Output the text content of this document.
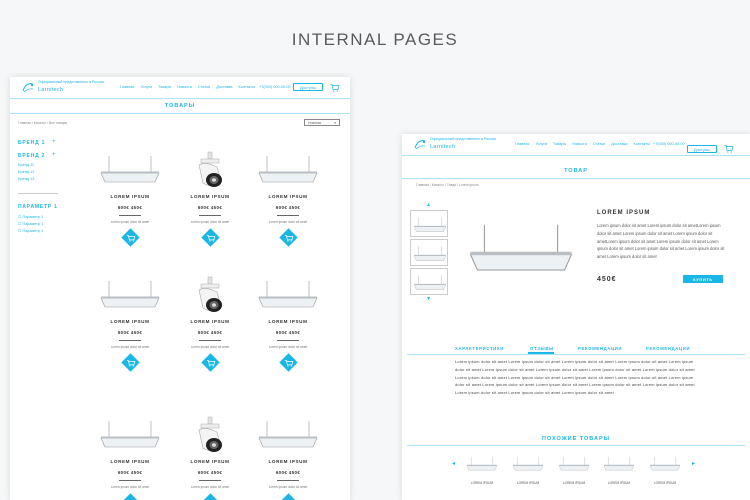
INTERNAL PAGES
Официальный представитель в России
Larnitech	Главная Услуги Товары Новости Статьи Доставка Контакты +7(000) 000-00-00	Доступы
ТОВАРЫ
Главная / Каталог / Все товары	Новинки	▾
БРЕНД 1 +
БРЕНД 2 +
Бренд 11
Бренд 12
Бренд 13
ПАРАМЕТР 1
☐ Параметр 1
☐ Параметр 1
☐ Параметр 1
LOREM IPSUM
600€ 450€
Lorem ipsum dolor sit amet
LOREM IPSUM
600€ 450€
Lorem ipsum dolor sit amet
LOREM IPSUM
600€ 450€
Lorem ipsum dolor sit amet
LOREM IPSUM
600€ 450€
Lorem ipsum dolor sit amet
LOREM IPSUM
600€ 450€
Lorem ipsum dolor sit amet
LOREM IPSUM
600€ 450€
Lorem ipsum dolor sit amet
LOREM IPSUM
600€ 450€
Lorem ipsum dolor sit amet
LOREM IPSUM
600€ 450€
Lorem ipsum dolor sit amet
LOREM IPSUM
600€ 450€
Lorem ipsum dolor sit amet
Официальный представитель в России
Larnitech	Главная Услуги Товары Новости Статьи Доставка Контакты +7(000) 000-00-00
Доступы
ТОВАР
Главная / Каталог / Товар / Lorem ipsum
▴
▾
LOREM IPSUM
Lorem ipsum dolor sit amet Lorem ipsum dolor sit ametLorem ipsum dolor sit amet Lorem ipsum dolor sit amet Lorem ipsum dolor sit ametLorem ipsum dolor sit amet Lorem ipsum dolor sit amet Lorem ipsum dolor sit amet Lorem ipsum dolor sit amet Lorem ipsum dolor sit amet Lorem ipsum dolor sit amet
450€	КУПИТЬ
ХАРАКТЕРИСТИКИ	ОТЗЫВЫ	РЕКОМЕНДАЦИИ	РЕКОМЕНДАЦИИ
Lorem ipsum dolor sit amet Lorem ipsum dolor sit amet Lorem ipsum dolor sit amet Lorem ipsum dolor sit amet Lorem ipsum dolor sit amet Lorem ipsum dolor sit amet Lorem ipsum dolor sit amet Lorem ipsum dolor sit amet Lorem ipsum dolor sit amet Lorem ipsum dolor sit amet Lorem ipsum dolor sit amet Lorem ipsum dolor sit amet Lorem ipsum dolor sit amet Lorem ipsum dolor sit amet Lorem ipsum dolor sit amet Lorem ipsum dolor sit amet Lorem ipsum dolor sit amet Lorem ipsum dolor sit amet Lorem ipsum dolor sit amet Lorem ipsum dolor sit amet Lorem ipsum dolor sit amet
ПОХОЖИЕ ТОВАРЫ
◂	▸
LOREM IPSUM	LOREM IPSUM	LOREM IPSUM	LOREM IPSUM	LOREM IPSUM
